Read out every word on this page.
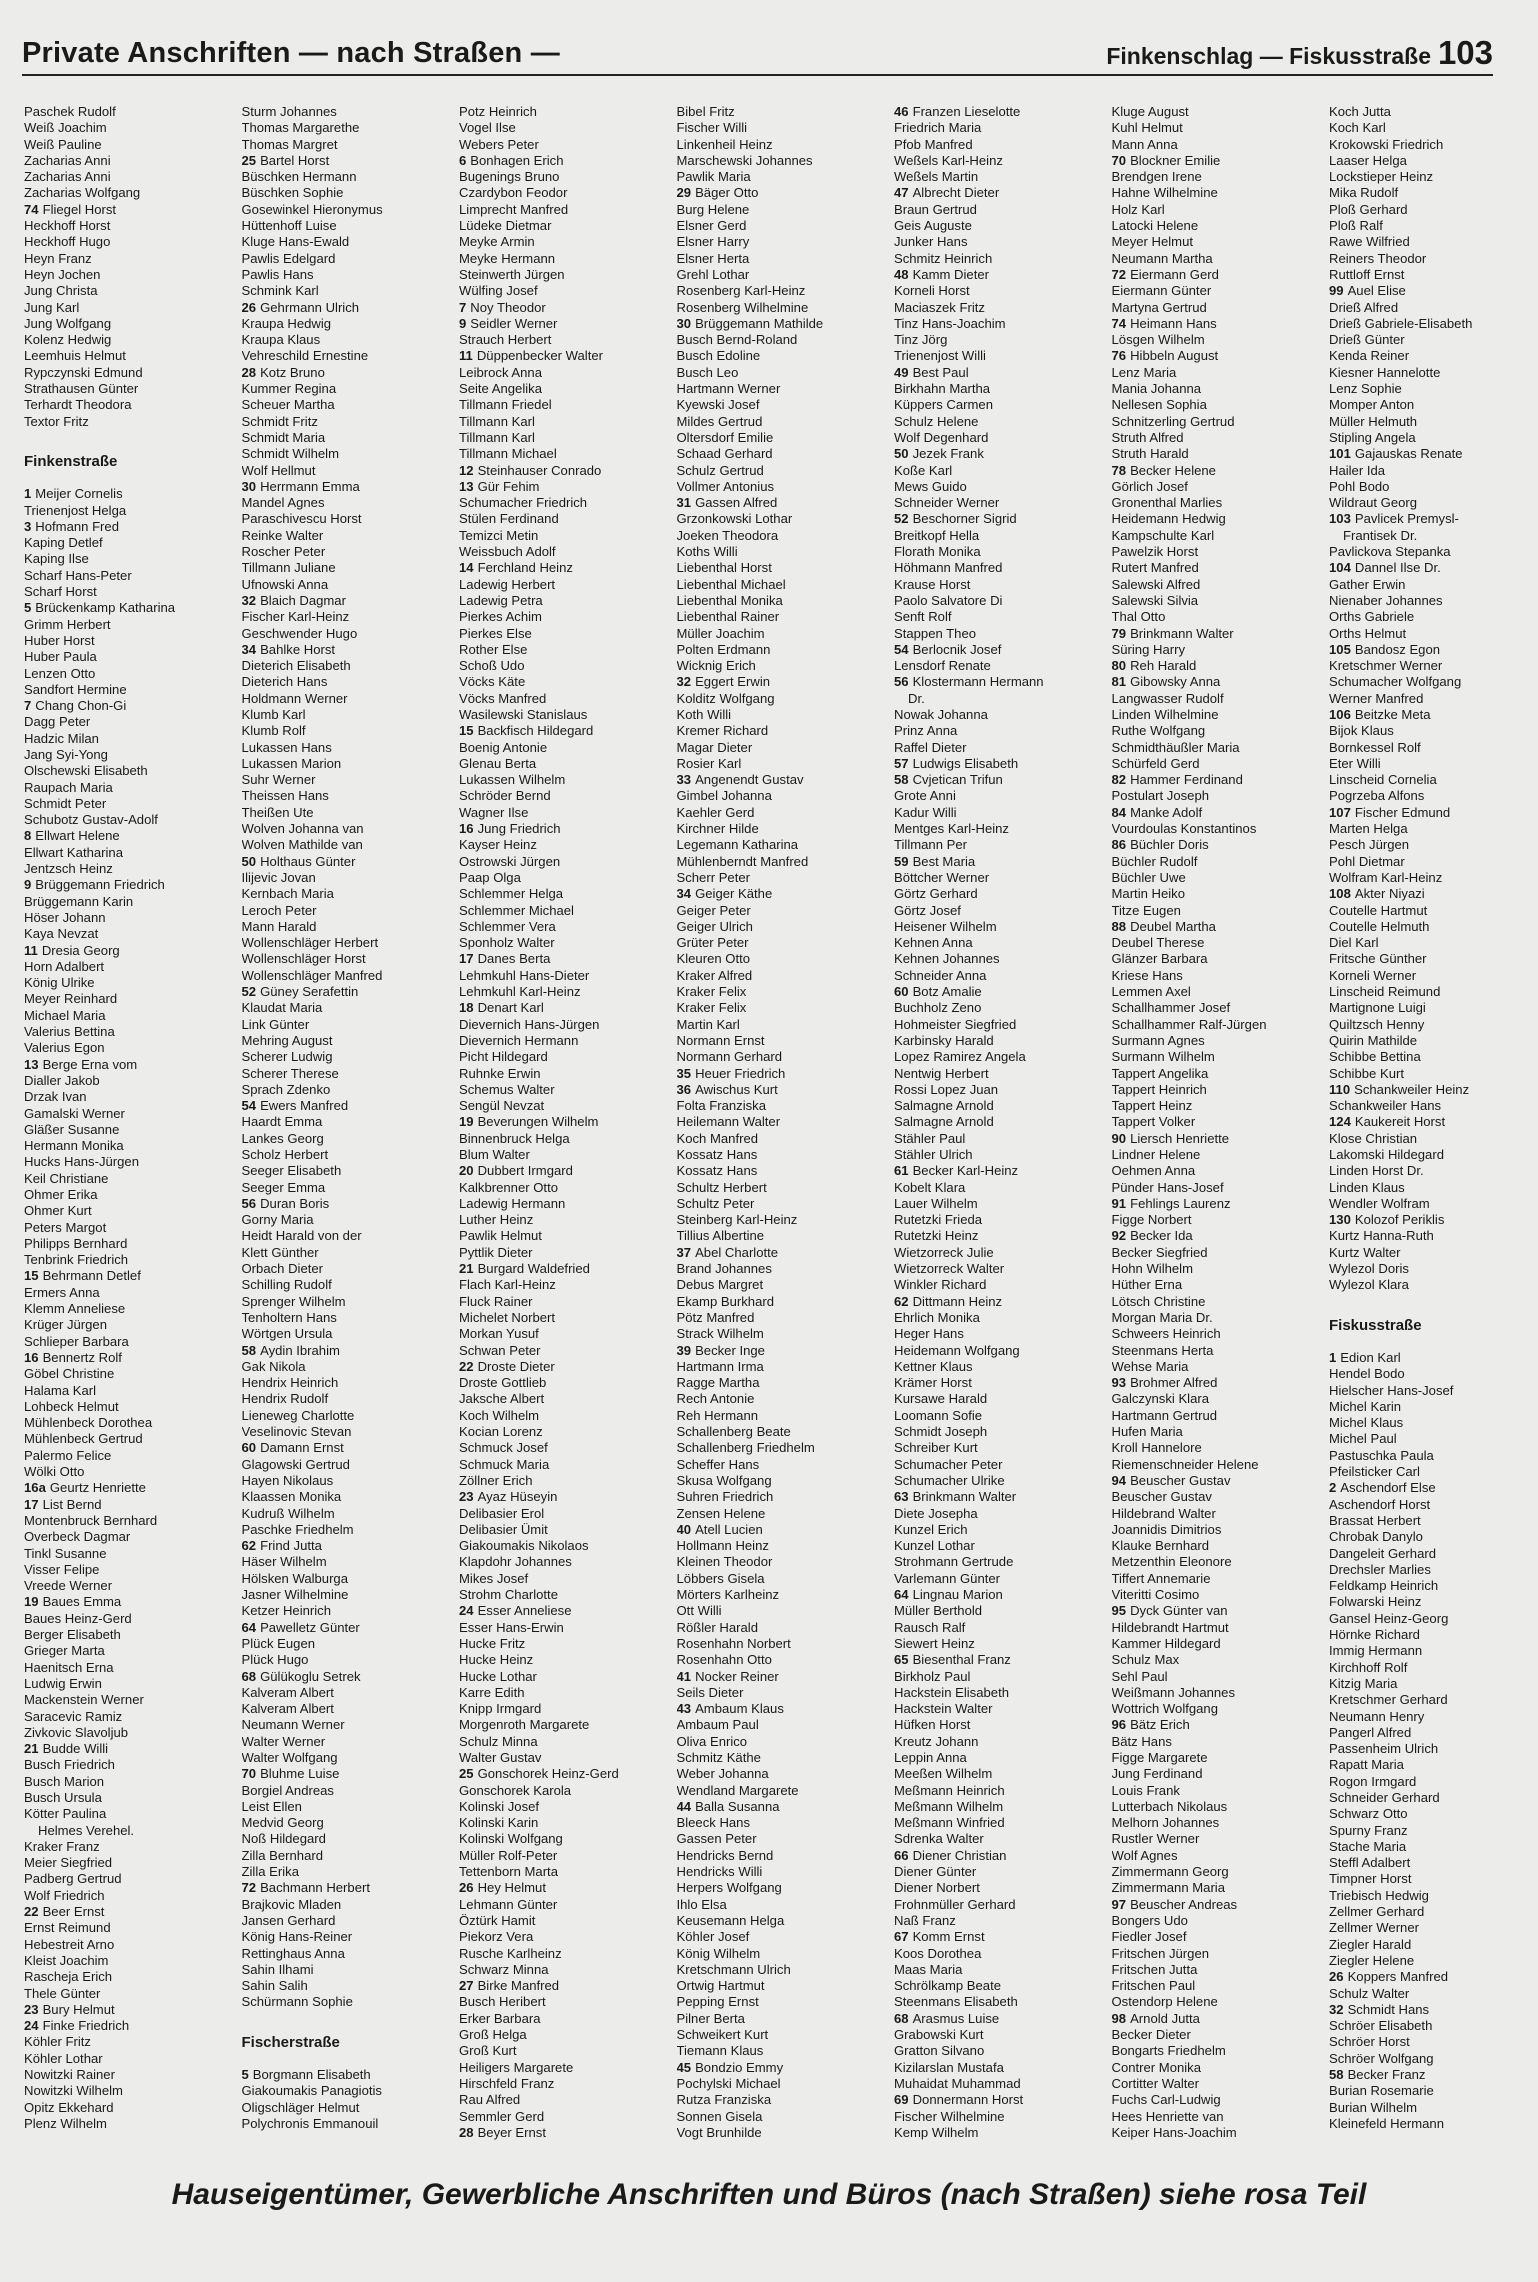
Private Anschriften — nach Straßen —	Finkenschlag — Fiskusstraße 103
Paschek Rudolf
Weiß Joachim
Weiß Pauline
Zacharias Anni
Zacharias Anni
Zacharias Wolfgang
74 Fliegel Horst
Heckhoff Horst
Heckhoff Hugo
Heyn Franz
Heyn Jochen
Jung Christa
Jung Karl
Jung Wolfgang
Kolenz Hedwig
Leemhuis Helmut
Rypczynski Edmund
Strathausen Günter
Terhardt Theodora
Textor Fritz
Finkenstraße
1 Meijer Cornelis
Trienenjost Helga
3 Hofmann Fred
Kaping Detlef
Kaping Ilse
Scharf Hans-Peter
Scharf Horst
5 Brückenkamp Katharina
Grimm Herbert
Huber Horst
Huber Paula
Lenzen Otto
Sandfort Hermine
7 Chang Chon-Gi
Dagg Peter
Hadzic Milan
Jang Syi-Yong
Olschewski Elisabeth
Raupach Maria
Schmidt Peter
Schubotz Gustav-Adolf
8 Ellwart Helene
Ellwart Katharina
Jentzsch Heinz
9 Brüggemann Friedrich
Brüggemann Karin
Höser Johann
Kaya Nevzat
11 Dresia Georg
Horn Adalbert
König Ulrike
Meyer Reinhard
Michael Maria
Valerius Bettina
Valerius Egon
13 Berge Erna vom
Dialler Jakob
Drzak Ivan
Gamalski Werner
Gläßer Susanne
Hermann Monika
Hucks Hans-Jürgen
Keil Christiane
Ohmer Erika
Ohmer Kurt
Peters Margot
Philipps Bernhard
Tenbrink Friedrich
15 Behrmann Detlef
Ermers Anna
Klemm Anneliese
Krüger Jürgen
Schlieper Barbara
16 Bennertz Rolf
Göbel Christine
Halama Karl
Lohbeck Helmut
Mühlenbeck Dorothea
Mühlenbeck Gertrud
Palermo Felice
Wölki Otto
16a Geurtz Henriette
17 List Bernd
Montenbruck Bernhard
Overbeck Dagmar
Tinkl Susanne
Visser Felipe
Vreede Werner
19 Baues Emma
Baues Heinz-Gerd
Berger Elisabeth
Grieger Marta
Haenitsch Erna
Ludwig Erwin
Mackenstein Werner
Saracevic Ramiz
Zivkovic Slavoljub
21 Budde Willi
Busch Friedrich
Busch Marion
Busch Ursula
Kötter Paulina
Helmes Verehel.
Kraker Franz
Meier Siegfried
Padberg Gertrud
Wolf Friedrich
22 Beer Ernst
Ernst Reimund
Hebestreit Arno
Kleist Joachim
Rascheja Erich
Thele Günter
23 Bury Helmut
24 Finke Friedrich
Köhler Fritz
Köhler Lothar
Nowitzki Rainer
Nowitzki Wilhelm
Opitz Ekkehard
Plenz Wilhelm
Sturm Johannes
Thomas Margarethe
Thomas Margret
25 Bartel Horst
Büschken Hermann
Büschken Sophie
Gosewinkel Hieronymus
Hüttenhoff Luise
Kluge Hans-Ewald
Pawlis Edelgard
Pawlis Hans
Schmink Karl
26 Gehrmann Ulrich
Kraupa Hedwig
Kraupa Klaus
Vehreschild Ernestine
28 Kotz Bruno
Kummer Regina
Scheuer Martha
Schmidt Fritz
Schmidt Maria
Schmidt Wilhelm
Wolf Hellmut
30 Herrmann Emma
Mandel Agnes
Paraschivescu Horst
Reinke Walter
Roscher Peter
Tillmann Juliane
Ufnowski Anna
32 Blaich Dagmar
Fischer Karl-Heinz
Geschwender Hugo
34 Bahlke Horst
Dieterich Elisabeth
Dieterich Hans
Holdmann Werner
Klumb Karl
Klumb Rolf
Lukassen Hans
Lukassen Marion
Suhr Werner
Theissen Hans
Theißen Ute
Wolven Johanna van
Wolven Mathilde van
50 Holthaus Günter
Ilijevic Jovan
Kernbach Maria
Leroch Peter
Mann Harald
Wollenschläger Herbert
Wollenschläger Horst
Wollenschläger Manfred
52 Güney Serafettin
Klaudat Maria
Link Günter
Mehring August
Scherer Ludwig
Scherer Therese
Sprach Zdenko
54 Ewers Manfred
Haardt Emma
Lankes Georg
Scholz Herbert
Seeger Elisabeth
Seeger Emma
56 Duran Boris
Gorny Maria
Heidt Harald von der
Klett Günther
Orbach Dieter
Schilling Rudolf
Sprenger Wilhelm
Tenholtern Hans
Wörtgen Ursula
58 Aydin Ibrahim
Gak Nikola
Hendrix Heinrich
Hendrix Rudolf
Lieneweg Charlotte
Veselinovic Stevan
60 Damann Ernst
Glagowski Gertrud
Hayen Nikolaus
Klaassen Monika
Kudruß Wilhelm
Paschke Friedhelm
62 Frind Jutta
Häser Wilhelm
Hölsken Walburga
Jasner Wilhelmine
Ketzer Heinrich
64 Pawelletz Günter
Plück Eugen
Plück Hugo
68 Gülükoglu Setrek
Kalveram Albert
Kalveram Albert
Neumann Werner
Walter Werner
Walter Wolfgang
70 Bluhme Luise
Borgiel Andreas
Leist Ellen
Medvid Georg
Noß Hildegard
Zilla Bernhard
Zilla Erika
72 Bachmann Herbert
Brajkovic Mladen
Jansen Gerhard
König Hans-Reiner
Rettinghaus Anna
Sahin Ilhami
Sahin Salih
Schürmann Sophie
Fischerstraße
5 Borgmann Elisabeth
Giakoumakis Panagiotis
Oligschläger Helmut
Polychronis Emmanouil
Potz Heinrich
Vogel Ilse
Webers Peter
6 Bonhagen Erich
Bugenings Bruno
Czardybon Feodor
Limprecht Manfred
Lüdeke Dietmar
Meyke Armin
Meyke Hermann
Steinwerth Jürgen
Wülfing Josef
7 Noy Theodor
9 Seidler Werner
Strauch Herbert
11 Düppenbecker Walter
Leibrock Anna
Seite Angelika
Tillmann Friedel
Tillmann Karl
Tillmann Karl
Tillmann Michael
12 Steinhauser Conrado
13 Gür Fehim
Schumacher Friedrich
Stülen Ferdinand
Temizci Metin
Weissbuch Adolf
14 Ferchland Heinz
Ladewig Herbert
Ladewig Petra
Pierkes Achim
Pierkes Else
Rother Else
Schoß Udo
Vöcks Käte
Vöcks Manfred
Wasilewski Stanislaus
15 Backfisch Hildegard
Boenig Antonie
Glenau Berta
Lukassen Wilhelm
Schröder Bernd
Wagner Ilse
16 Jung Friedrich
Kayser Heinz
Ostrowski Jürgen
Paap Olga
Schlemmer Helga
Schlemmer Michael
Schlemmer Vera
Sponholz Walter
17 Danes Berta
Lehmkuhl Hans-Dieter
Lehmkuhl Karl-Heinz
18 Denart Karl
Dievernich Hans-Jürgen
Dievernich Hermann
Picht Hildegard
Ruhnke Erwin
Schemus Walter
Sengül Nevzat
19 Beverungen Wilhelm
Binnenbruck Helga
Blum Walter
20 Dubbert Irmgard
Kalkbrenner Otto
Ladewig Hermann
Luther Heinz
Pawlik Helmut
Pyttlik Dieter
21 Burgard Waldefried
Flach Karl-Heinz
Fluck Rainer
Michelet Norbert
Morkan Yusuf
Schwan Peter
22 Droste Dieter
Droste Gottlieb
Jaksche Albert
Koch Wilhelm
Kocian Lorenz
Schmuck Josef
Schmuck Maria
Zöllner Erich
23 Ayaz Hüseyin
Delibasier Erol
Delibasier Ümit
Giakoumakis Nikolaos
Klapdohr Johannes
Mikes Josef
Strohm Charlotte
24 Esser Anneliese
Esser Hans-Erwin
Hucke Fritz
Hucke Heinz
Hucke Lothar
Karre Edith
Knipp Irmgard
Morgenroth Margarete
Schulz Minna
Walter Gustav
25 Gonschorek Heinz-Gerd
Gonschorek Karola
Kolinski Josef
Kolinski Karin
Kolinski Wolfgang
Müller Rolf-Peter
Tettenborn Marta
26 Hey Helmut
Lehmann Günter
Öztürk Hamit
Piekorz Vera
Rusche Karlheinz
Schwarz Minna
27 Birke Manfred
Busch Heribert
Erker Barbara
Groß Helga
Groß Kurt
Heiligers Margarete
Hirschfeld Franz
Rau Alfred
Semmler Gerd
28 Beyer Ernst
Bibel Fritz
Fischer Willi
Linkenheil Heinz
Marschewski Johannes
Pawlik Maria
29 Bäger Otto
Burg Helene
Elsner Gerd
Elsner Harry
Elsner Herta
Grehl Lothar
Rosenberg Karl-Heinz
Rosenberg Wilhelmine
30 Brüggemann Mathilde
Busch Bernd-Roland
Busch Edoline
Busch Leo
Hartmann Werner
Kyewski Josef
Mildes Gertrud
Oltersdorf Emilie
Schaad Gerhard
Schulz Gertrud
Vollmer Antonius
31 Gassen Alfred
Grzonkowski Lothar
Joeken Theodora
Koths Willi
Liebenthal Horst
Liebenthal Michael
Liebenthal Monika
Liebenthal Rainer
Müller Joachim
Polten Erdmann
Wicknig Erich
32 Eggert Erwin
Kolditz Wolfgang
Koth Willi
Kremer Richard
Magar Dieter
Rosier Karl
33 Angenendt Gustav
Gimbel Johanna
Kaehler Gerd
Kirchner Hilde
Legemann Katharina
Mühlenberndt Manfred
Scherr Peter
34 Geiger Käthe
Geiger Peter
Geiger Ulrich
Grüter Peter
Kleuren Otto
Kraker Alfred
Kraker Felix
Kraker Felix
Martin Karl
Normann Ernst
Normann Gerhard
35 Heuer Friedrich
36 Awischus Kurt
Folta Franziska
Heilemann Walter
Koch Manfred
Kossatz Hans
Kossatz Hans
Schultz Herbert
Schultz Peter
Steinberg Karl-Heinz
Tillius Albertine
37 Abel Charlotte
Brand Johannes
Debus Margret
Ekamp Burkhard
Pötz Manfred
Strack Wilhelm
39 Becker Inge
Hartmann Irma
Ragge Martha
Rech Antonie
Reh Hermann
Schallenberg Beate
Schallenberg Friedhelm
Scheffer Hans
Skusa Wolfgang
Suhren Friedrich
Zensen Helene
40 Atell Lucien
Hollmann Heinz
Kleinen Theodor
Löbbers Gisela
Mörters Karlheinz
Ott Willi
Rößler Harald
Rosenhahn Norbert
Rosenhahn Otto
41 Nocker Reiner
Seils Dieter
43 Ambaum Klaus
Ambaum Paul
Oliva Enrico
Schmitz Käthe
Weber Johanna
Wendland Margarete
44 Balla Susanna
Bleeck Hans
Gassen Peter
Hendricks Bernd
Hendricks Willi
Herpers Wolfgang
Ihlo Elsa
Keusemann Helga
Köhler Josef
König Wilhelm
Kretschmann Ulrich
Ortwig Hartmut
Pepping Ernst
Pilner Berta
Schweikert Kurt
Tiemann Klaus
45 Bondzio Emmy
Pochylski Michael
Rutza Franziska
Sonnen Gisela
Vogt Brunhilde
46 Franzen Lieselotte
Friedrich Maria
Pfob Manfred
Weßels Karl-Heinz
Weßels Martin
47 Albrecht Dieter
Braun Gertrud
Geis Auguste
Junker Hans
Schmitz Heinrich
48 Kamm Dieter
Korneli Horst
Maciaszek Fritz
Tinz Hans-Joachim
Tinz Jörg
Trienenjost Willi
49 Best Paul
Birkhahn Martha
Küppers Carmen
Schulz Helene
Wolf Degenhard
50 Jezek Frank
Koße Karl
Mews Guido
Schneider Werner
52 Beschorner Sigrid
Breitkopf Hella
Florath Monika
Höhmann Manfred
Krause Horst
Paolo Salvatore Di
Senft Rolf
Stappen Theo
54 Berlocnik Josef
Lensdorf Renate
56 Klostermann Hermann
Dr.
Nowak Johanna
Prinz Anna
Raffel Dieter
57 Ludwigs Elisabeth
58 Cvjetican Trifun
Grote Anni
Kadur Willi
Mentges Karl-Heinz
Tillmann Per
59 Best Maria
Böttcher Werner
Görtz Gerhard
Görtz Josef
Heisener Wilhelm
Kehnen Anna
Kehnen Johannes
Schneider Anna
60 Botz Amalie
Buchholz Zeno
Hohmeister Siegfried
Karbinsky Harald
Lopez Ramirez Angela
Nentwig Herbert
Rossi Lopez Juan
Salmagne Arnold
Salmagne Arnold
Stähler Paul
Stähler Ulrich
61 Becker Karl-Heinz
Kobelt Klara
Lauer Wilhelm
Rutetzki Frieda
Rutetzki Heinz
Wietzorreck Julie
Wietzorreck Walter
Winkler Richard
62 Dittmann Heinz
Ehrlich Monika
Heger Hans
Heidemann Wolfgang
Kettner Klaus
Krämer Horst
Kursawe Harald
Loomann Sofie
Schmidt Joseph
Schreiber Kurt
Schumacher Peter
Schumacher Ulrike
63 Brinkmann Walter
Diete Josepha
Kunzel Erich
Kunzel Lothar
Strohmann Gertrude
Varlemann Günter
64 Lingnau Marion
Müller Berthold
Rausch Ralf
Siewert Heinz
65 Biesenthal Franz
Birkholz Paul
Hackstein Elisabeth
Hackstein Walter
Hüfken Horst
Kreutz Johann
Leppin Anna
Meeßen Wilhelm
Meßmann Heinrich
Meßmann Wilhelm
Meßmann Winfried
Sdrenka Walter
66 Diener Christian
Diener Günter
Diener Norbert
Frohnmüller Gerhard
Naß Franz
67 Komm Ernst
Koos Dorothea
Maas Maria
Schrölkamp Beate
Steenmans Elisabeth
68 Arasmus Luise
Grabowski Kurt
Gratton Silvano
Kizilarslan Mustafa
Muhaidat Muhammad
69 Donnermann Horst
Fischer Wilhelmine
Kemp Wilhelm
Kluge August
Kuhl Helmut
Mann Anna
70 Blockner Emilie
Brendgen Irene
Hahne Wilhelmine
Holz Karl
Latocki Helene
Meyer Helmut
Neumann Martha
72 Eiermann Gerd
Eiermann Günter
Martyna Gertrud
74 Heimann Hans
Lösgen Wilhelm
76 Hibbeln August
Lenz Maria
Mania Johanna
Nellesen Sophia
Schnitzerling Gertrud
Struth Alfred
Struth Harald
78 Becker Helene
Görlich Josef
Gronenthal Marlies
Heidemann Hedwig
Kampschulte Karl
Pawelzik Horst
Rutert Manfred
Salewski Alfred
Salewski Silvia
Thal Otto
79 Brinkmann Walter
Süring Harry
80 Reh Harald
81 Gibowsky Anna
Langwasser Rudolf
Linden Wilhelmine
Ruthe Wolfgang
Schmidthäußler Maria
Schürfeld Gerd
82 Hammer Ferdinand
Postulart Joseph
84 Manke Adolf
Vourdoulas Konstantinos
86 Büchler Doris
Büchler Rudolf
Büchler Uwe
Martin Heiko
Titze Eugen
88 Deubel Martha
Deubel Therese
Glänzer Barbara
Kriese Hans
Lemmen Axel
Schallhammer Josef
Schallhammer Ralf-Jürgen
Surmann Agnes
Surmann Wilhelm
Tappert Angelika
Tappert Heinrich
Tappert Heinz
Tappert Volker
90 Liersch Henriette
Lindner Helene
Oehmen Anna
Pünder Hans-Josef
91 Fehlings Laurenz
Figge Norbert
92 Becker Ida
Becker Siegfried
Hohn Wilhelm
Hüther Erna
Lötsch Christine
Morgan Maria Dr.
Schweers Heinrich
Steenmans Herta
Wehse Maria
93 Brohmer Alfred
Galczynski Klara
Hartmann Gertrud
Hufen Maria
Kroll Hannelore
Riemenschneider Helene
94 Beuscher Gustav
Beuscher Gustav
Hildebrand Walter
Joannidis Dimitrios
Klauke Bernhard
Metzenthin Eleonore
Tiffert Annemarie
Viteritti Cosimo
95 Dyck Günter van
Hildebrandt Hartmut
Kammer Hildegard
Schulz Max
Sehl Paul
Weißmann Johannes
Wottrich Wolfgang
96 Bätz Erich
Bätz Hans
Figge Margarete
Jung Ferdinand
Louis Frank
Lutterbach Nikolaus
Melhorn Johannes
Rustler Werner
Wolf Agnes
Zimmermann Georg
Zimmermann Maria
97 Beuscher Andreas
Bongers Udo
Fiedler Josef
Fritschen Jürgen
Fritschen Jutta
Fritschen Paul
Ostendorp Helene
98 Arnold Jutta
Becker Dieter
Bongarts Friedhelm
Contrer Monika
Cortitter Walter
Fuchs Carl-Ludwig
Hees Henriette van
Keiper Hans-Joachim
Koch Jutta
Koch Karl
Krokowski Friedrich
Laaser Helga
Lockstieper Heinz
Mika Rudolf
Ploß Gerhard
Ploß Ralf
Rawe Wilfried
Reiners Theodor
Ruttloff Ernst
99 Auel Elise
Drieß Alfred
Drieß Gabriele-Elisabeth
Drieß Günter
Kenda Reiner
Kiesner Hannelotte
Lenz Sophie
Momper Anton
Müller Helmuth
Stipling Angela
101 Gajauskas Renate
Hailer Ida
Pohl Bodo
Wildraut Georg
103 Pavlicek Premysl-
Frantisek Dr.
Pavlickova Stepanka
104 Dannel Ilse Dr.
Gather Erwin
Nienaber Johannes
Orths Gabriele
Orths Helmut
105 Bandosz Egon
Kretschmer Werner
Schumacher Wolfgang
Werner Manfred
106 Beitzke Meta
Bijok Klaus
Bornkessel Rolf
Eter Willi
Linscheid Cornelia
Pogrzeba Alfons
107 Fischer Edmund
Marten Helga
Pesch Jürgen
Pohl Dietmar
Wolfram Karl-Heinz
108 Akter Niyazi
Coutelle Hartmut
Coutelle Helmuth
Diel Karl
Fritsche Günther
Korneli Werner
Linscheid Reimund
Martignone Luigi
Quiltzsch Henny
Quirin Mathilde
Schibbe Bettina
Schibbe Kurt
110 Schankweiler Heinz
Schankweiler Hans
124 Kaukereit Horst
Klose Christian
Lakomski Hildegard
Linden Horst Dr.
Linden Klaus
Wendler Wolfram
130 Kolozof Periklis
Kurtz Hanna-Ruth
Kurtz Walter
Wylezol Doris
Wylezol Klara
Fiskusstraße
1 Edion Karl
Hendel Bodo
Hielscher Hans-Josef
Michel Karin
Michel Klaus
Michel Paul
Pastuschka Paula
Pfeilsticker Carl
2 Aschendorf Else
Aschendorf Horst
Brassat Herbert
Chrobak Danylo
Dangeleit Gerhard
Drechsler Marlies
Feldkamp Heinrich
Folwarski Heinz
Gansel Heinz-Georg
Hörnke Richard
Immig Hermann
Kirchhoff Rolf
Kitzig Maria
Kretschmer Gerhard
Neumann Henry
Pangerl Alfred
Passenheim Ulrich
Rapatt Maria
Rogon Irmgard
Schneider Gerhard
Schwarz Otto
Spurny Franz
Stache Maria
Steffl Adalbert
Timpner Horst
Triebisch Hedwig
Zellmer Gerhard
Zellmer Werner
Ziegler Harald
Ziegler Helene
26 Koppers Manfred
Schulz Walter
32 Schmidt Hans
Schröer Elisabeth
Schröer Horst
Schröer Wolfgang
58 Becker Franz
Burian Rosemarie
Burian Wilhelm
Kleinefeld Hermann
Hauseigentümer, Gewerbliche Anschriften und Büros (nach Straßen) siehe rosa Teil
